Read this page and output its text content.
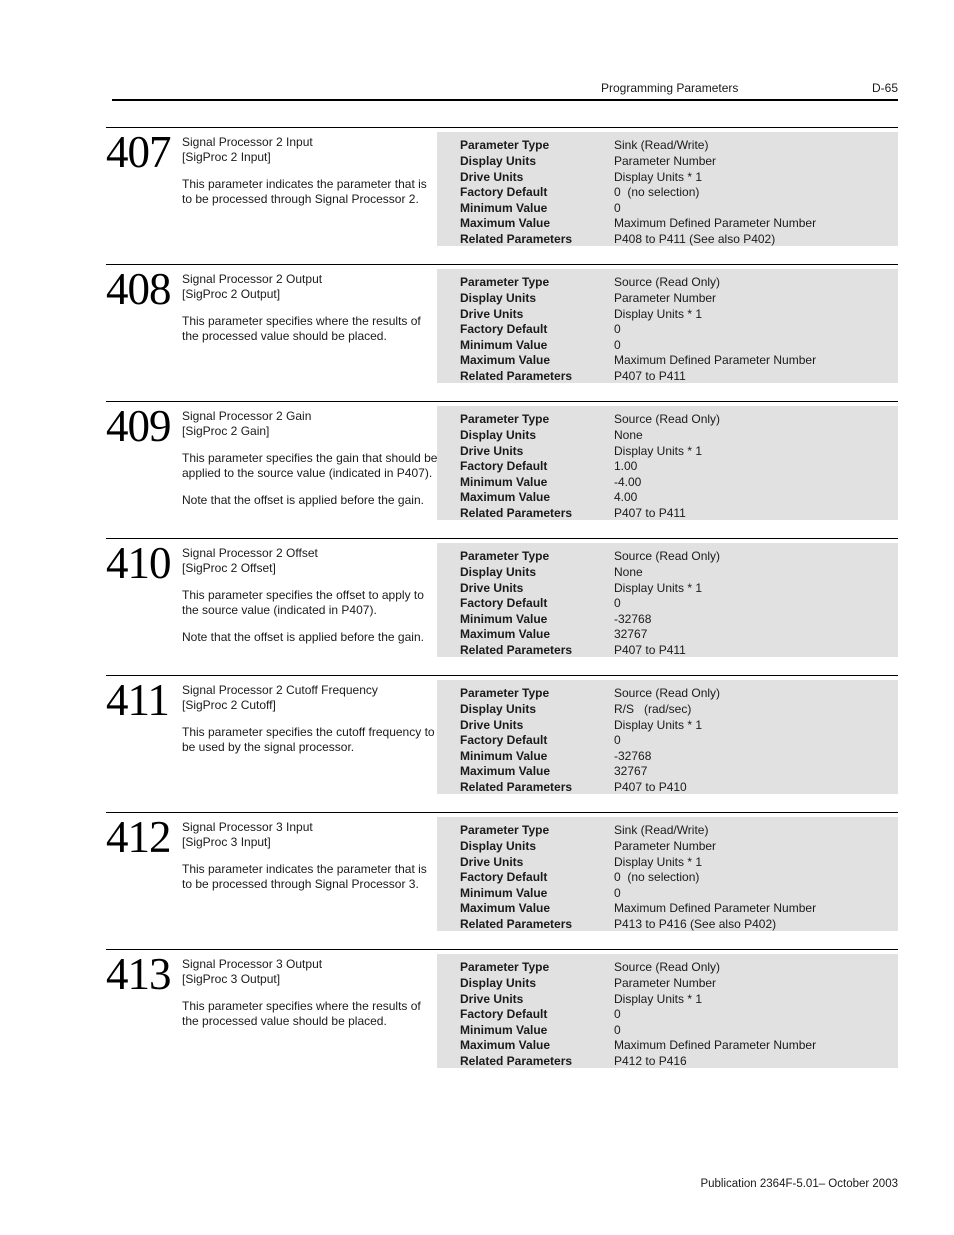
Programming Parameters	D-65
407 Signal Processor 2 Input
[SigProc 2 Input]
This parameter indicates the parameter that is to be processed through Signal Processor 2.
Parameter Type	Sink (Read/Write)
Display Units	Parameter Number
Drive Units	Display Units * 1
Factory Default	0  (no selection)
Minimum Value	0
Maximum Value	Maximum Defined Parameter Number
Related Parameters	P408 to P411 (See also P402)
408 Signal Processor 2 Output
[SigProc 2 Output]
This parameter specifies where the results of the processed value should be placed.
Parameter Type	Source (Read Only)
Display Units	Parameter Number
Drive Units	Display Units * 1
Factory Default	0
Minimum Value	0
Maximum Value	Maximum Defined Parameter Number
Related Parameters	P407 to P411
409 Signal Processor 2 Gain
[SigProc 2 Gain]
This parameter specifies the gain that should be applied to the source value (indicated in P407).
Note that the offset is applied before the gain.
Parameter Type	Source (Read Only)
Display Units	None
Drive Units	Display Units * 1
Factory Default	1.00
Minimum Value	-4.00
Maximum Value	4.00
Related Parameters	P407 to P411
410 Signal Processor 2 Offset
[SigProc 2 Offset]
This parameter specifies the offset to apply to the source value (indicated in P407).
Note that the offset is applied before the gain.
Parameter Type	Source (Read Only)
Display Units	None
Drive Units	Display Units * 1
Factory Default	0
Minimum Value	-32768
Maximum Value	32767
Related Parameters	P407 to P411
411 Signal Processor 2 Cutoff Frequency
[SigProc 2 Cutoff]
This parameter specifies the cutoff frequency to be used by the signal processor.
Parameter Type	Source (Read Only)
Display Units	R/S   (rad/sec)
Drive Units	Display Units * 1
Factory Default	0
Minimum Value	-32768
Maximum Value	32767
Related Parameters	P407 to P410
412 Signal Processor 3 Input
[SigProc 3 Input]
This parameter indicates the parameter that is to be processed through Signal Processor 3.
Parameter Type	Sink (Read/Write)
Display Units	Parameter Number
Drive Units	Display Units * 1
Factory Default	0  (no selection)
Minimum Value	0
Maximum Value	Maximum Defined Parameter Number
Related Parameters	P413 to P416 (See also P402)
413 Signal Processor 3 Output
[SigProc 3 Output]
This parameter specifies where the results of the processed value should be placed.
Parameter Type	Source (Read Only)
Display Units	Parameter Number
Drive Units	Display Units * 1
Factory Default	0
Minimum Value	0
Maximum Value	Maximum Defined Parameter Number
Related Parameters	P412 to P416
Publication 2364F-5.01– October 2003
